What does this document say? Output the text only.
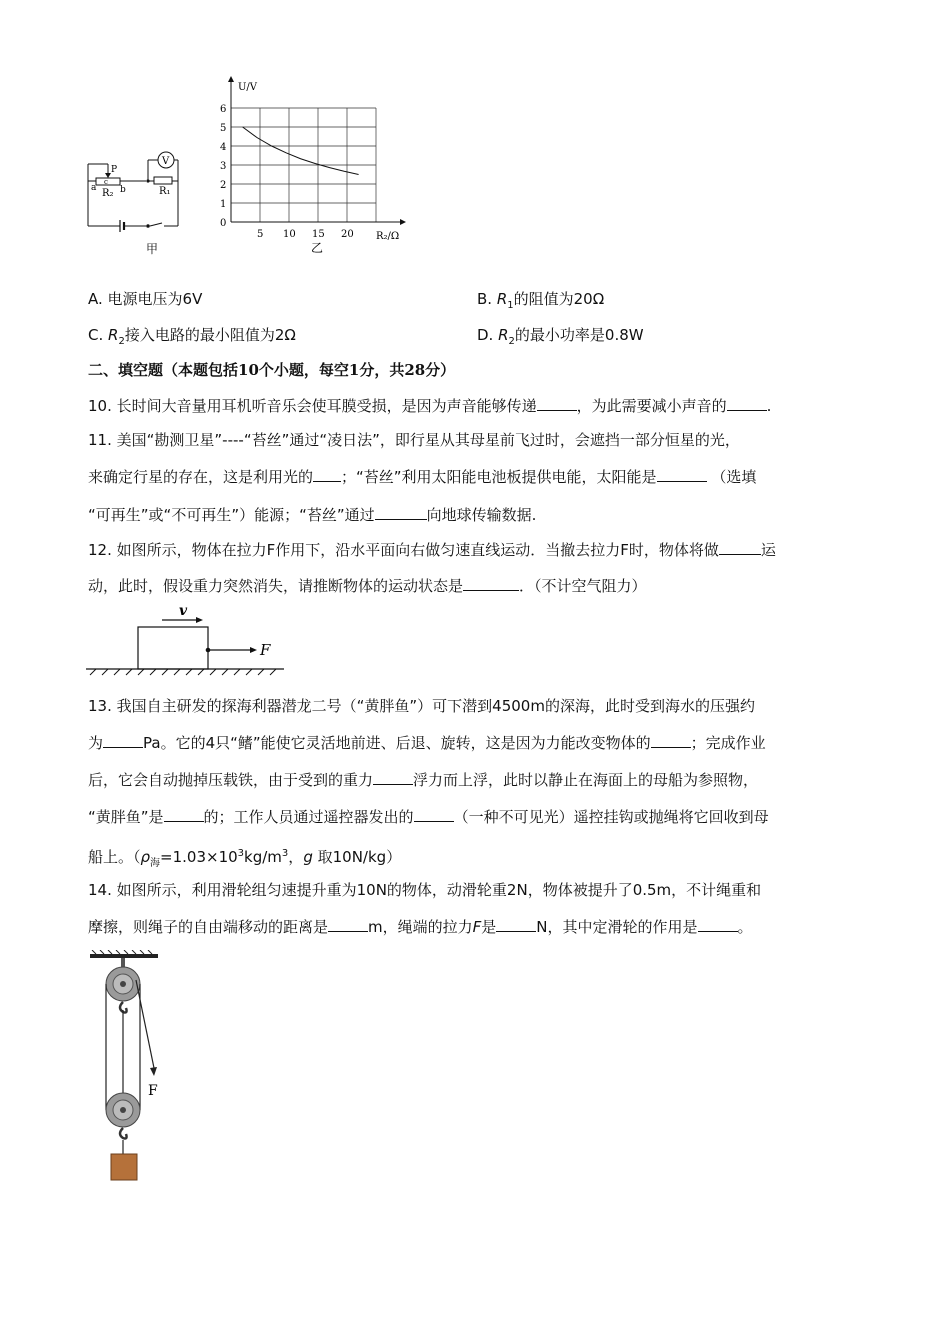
V
P
a
c
b
R₂	R₁
甲
U/V
R₂/Ω
乙
5 10 15 20
0
1
2
3
4
5
6
A. 电源电压为6V	B. $R_1$的阻值为20Ω
C. $R_2$接入电路的最小阻值为2Ω	D. $R_2$的最小功率是0.8W
二、填空题（本题包括10个小题，每空1分，共28分）
10. 长时间大音量用耳机听音乐会使耳膜受损，是因为声音能够传递	，为此需要减小声音的	.
11. 美国“勘测卫星”----“苔丝”通过“凌日法”，即行星从其母星前飞过时，会遮挡一部分恒星的光，
来确定行星的存在，这是利用光的 ；“苔丝”利用太阳能电池板提供电能，太阳能是	（选填
“可再生”或“不可再生”）能源；“苔丝”通过	向地球传输数据.
12. 如图所示，物体在拉力F作用下，沿水平面向右做匀速直线运动．当撤去拉力F时，物体将做	运
动，此时，假设重力突然消失，请推断物体的运动状态是	．（不计空气阻力）
v
F
13. 我国自主研发的探海利器潜龙二号（“黄胖鱼”）可下潜到4500m的深海，此时受到海水的压强约
为	Pa。它的4只“鳍”能使它灵活地前进、后退、旋转，这是因为力能改变物体的	；完成作业
后，它会自动抛掉压载铁，由于受到的重力	浮力而上浮，此时以静止在海面上的母船为参照物，
“黄胖鱼”是	的；工作人员通过遥控器发出的	（一种不可见光）遥控挂钩或抛绳将它回收到母
船上。（$\rho_海=1.03\times 10^3kg/m^3$，g 取10N/kg）
14. 如图所示，利用滑轮组匀速提升重为10N的物体，动滑轮重2N，物体被提升了0.5m，不计绳重和
摩擦，则绳子的自由端移动的距离是	m，绳端的拉力F是	N，其中定滑轮的作用是	。
F
